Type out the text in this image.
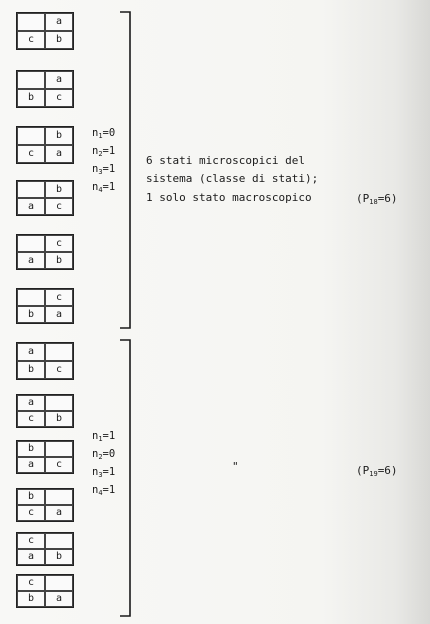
a
c	b
a
b	c
b
c	a
b
a	c
c
a	b
c
b	a
$n_1=0$
$n_2=1$
$n_3=1$
$n_4=1$
6 stati microscopici del
sistema (classe di stati);
1 solo stato macroscopico	$(P_{18}=6)$
a
b	c
a
c	b
b
a	c
b
c	a
c
a	b
c
b	a
$n_1=1$
$n_2=0$
$n_3=1$
$n_4=1$
"	$(P_{19}=6)$
